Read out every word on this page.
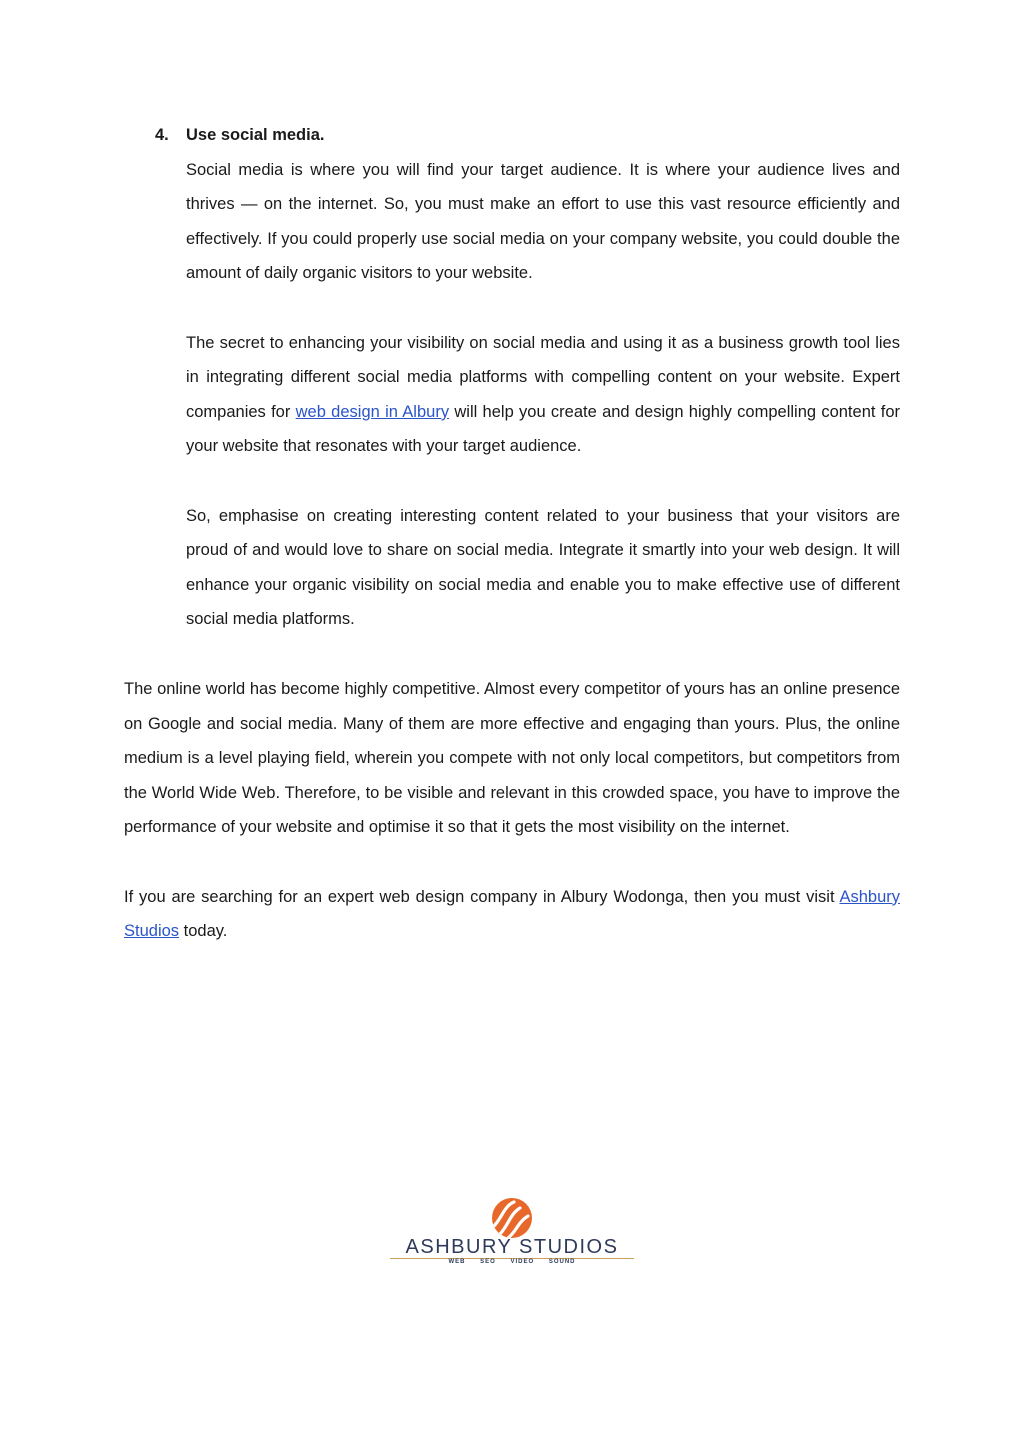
4. Use social media.

Social media is where you will find your target audience. It is where your audience lives and thrives — on the internet. So, you must make an effort to use this vast resource efficiently and effectively. If you could properly use social media on your company website, you could double the amount of daily organic visitors to your website.

The secret to enhancing your visibility on social media and using it as a business growth tool lies in integrating different social media platforms with compelling content on your website. Expert companies for web design in Albury will help you create and design highly compelling content for your website that resonates with your target audience.

So, emphasise on creating interesting content related to your business that your visitors are proud of and would love to share on social media. Integrate it smartly into your web design. It will enhance your organic visibility on social media and enable you to make effective use of different social media platforms.

The online world has become highly competitive. Almost every competitor of yours has an online presence on Google and social media. Many of them are more effective and engaging than yours. Plus, the online medium is a level playing field, wherein you compete with not only local competitors, but competitors from the World Wide Web. Therefore, to be visible and relevant in this crowded space, you have to improve the performance of your website and optimise it so that it gets the most visibility on the internet.

If you are searching for an expert web design company in Albury Wodonga, then you must visit Ashbury Studios today.

ASHBURY STUDIOS
WEB SEO VIDEO SOUND
